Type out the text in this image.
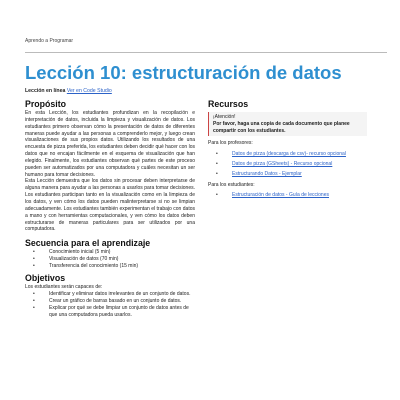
Aprendo a Programar
Lección 10: estructuración de datos
Lección en línea Ver en Code Studio
Propósito

En esta Lección, los estudiantes profundizan en la recopilación e interpretación de datos, incluida la limpieza y visualización de datos. Los estudiantes primero observan cómo la presentación de datos de diferentes maneras puede ayudar a las personas a comprenderlo mejor, y luego crean visualizaciones de sus propios datos. Utilizando los resultados de una encuesta de pizza preferida, los estudiantes deben decidir qué hacer con los datos que no encajan fácilmente en el esquema de visualización que han elegido. Finalmente, los estudiantes observan qué partes de este proceso pueden ser automatizados por una computadora y cuáles necesitan un ser humano para tomar decisiones.

Esta Lección demuestra que los datos sin procesar deben interpretarse de alguna manera para ayudar a las personas a usarlos para tomar decisiones. Los estudiantes participan tanto en la visualización como en la limpieza de los datos, y ven cómo los datos pueden malinterpretarse si no se limpian adecuadamente. Los estudiantes también experimentan el trabajo con datos a mano y con herramientas computacionales, y ven cómo los datos deben estructurarse de maneras particulares para ser utilizados por una computadora.

Secuencia para el aprendizaje
•	Conocimiento inicial (5 min)
•	Visualización de datos (70 min)
•	Transferencia del conocimiento (15 min)
Objetivos

Los estudiantes serán capaces de:

•	Identificar y eliminar datos irrelevantes de un conjunto de datos.
•	Crear un gráfico de barras basado en un conjunto de datos.
•	Explicar por qué se debe limpiar un conjunto de datos antes de que una computadora pueda usarlos.
Recursos
¡Atención!
Por favor, haga una copia de cada documento que planee compartir con los estudiantes.
Para los profesores:
•	Datos de pizza (descarga de csv)- recurso opcional
•	Datos de pizza (GSheets) - Recurso opcional
•	Estructurando Datos - Ejemplar
Para los estudiantes:
•	Estructuración de datos - Guía de lecciones
